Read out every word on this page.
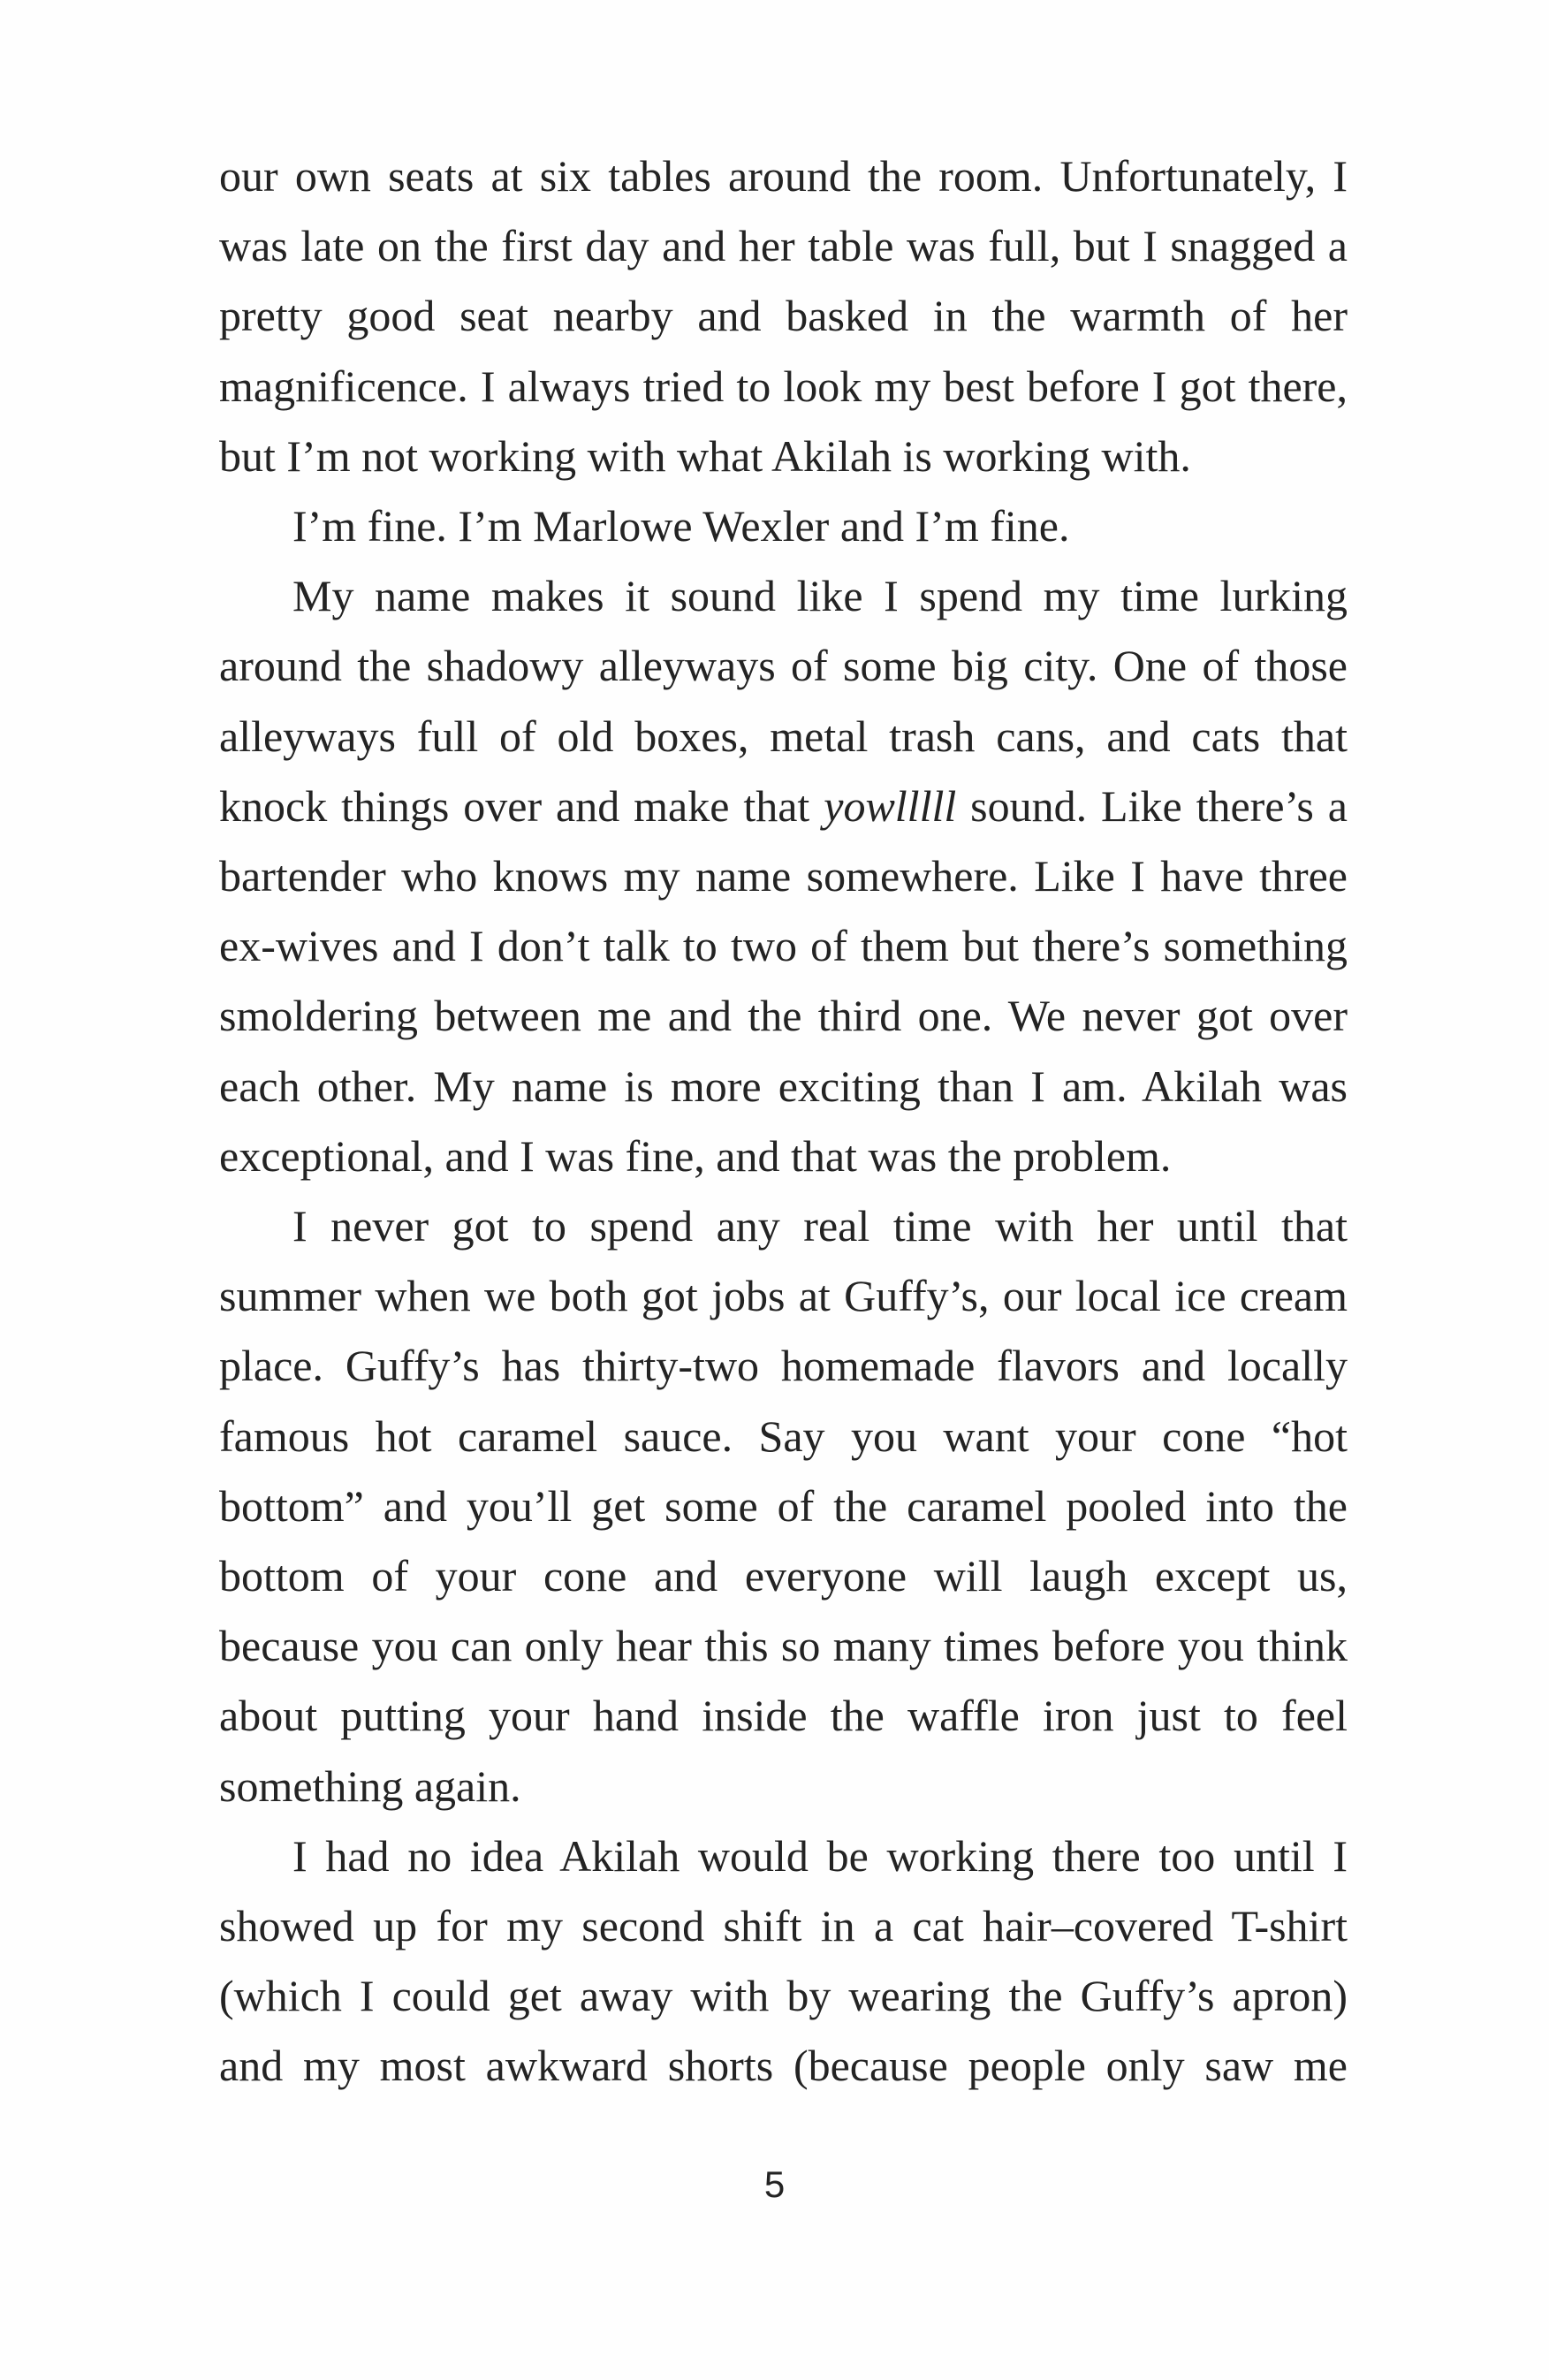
our own seats at six tables around the room. Unfortunately, I was late on the first day and her table was full, but I snagged a pretty good seat nearby and basked in the warmth of her magnificence. I always tried to look my best before I got there, but I’m not working with what Akilah is working with.

I’m fine. I’m Marlowe Wexler and I’m fine.

My name makes it sound like I spend my time lurking around the shadowy alleyways of some big city. One of those alleyways full of old boxes, metal trash cans, and cats that knock things over and make that yowlllll sound. Like there’s a bartender who knows my name somewhere. Like I have three ex-wives and I don’t talk to two of them but there’s something smoldering between me and the third one. We never got over each other. My name is more exciting than I am. Akilah was exceptional, and I was fine, and that was the problem.

I never got to spend any real time with her until that summer when we both got jobs at Guffy’s, our local ice cream place. Guffy’s has thirty-two homemade flavors and locally famous hot caramel sauce. Say you want your cone “hot bottom” and you’ll get some of the caramel pooled into the bottom of your cone and everyone will laugh except us, because you can only hear this so many times before you think about putting your hand inside the waffle iron just to feel something again.

I had no idea Akilah would be working there too until I showed up for my second shift in a cat hair–covered T-shirt (which I could get away with by wearing the Guffy’s apron) and my most awkward shorts (because people only saw me

5
